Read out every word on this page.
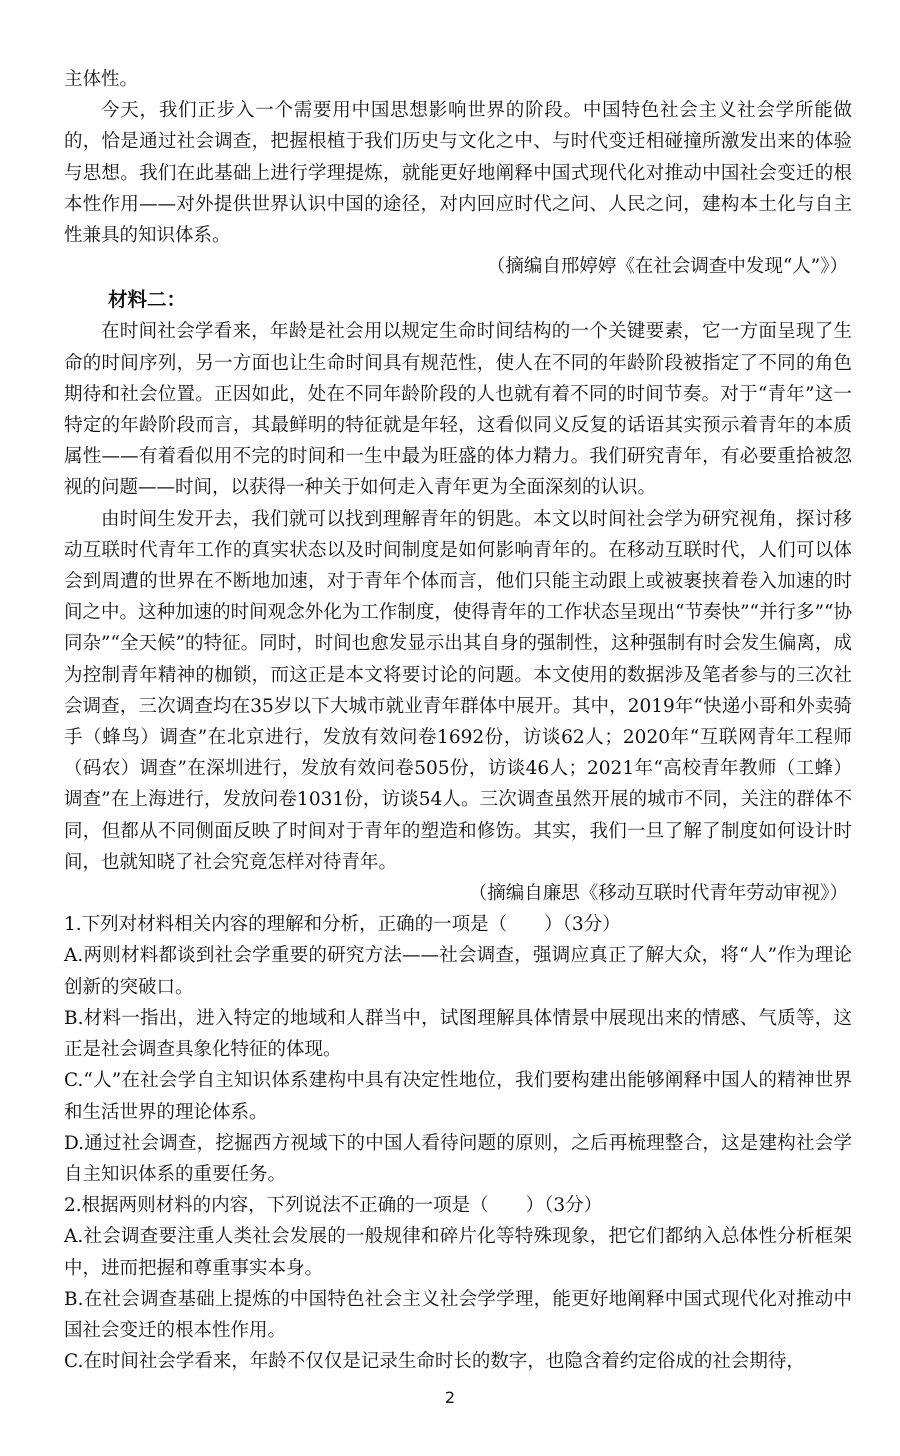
主体性。

今天，我们正步入一个需要用中国思想影响世界的阶段。中国特色社会主义社会学所能做的，恰是通过社会调查，把握根植于我们历史与文化之中、与时代变迁相碰撞所激发出来的体验与思想。我们在此基础上进行学理提炼，就能更好地阐释中国式现代化对推动中国社会变迁的根本性作用——对外提供世界认识中国的途径，对内回应时代之问、人民之问，建构本土化与自主性兼具的知识体系。

（摘编自邢婷婷《在社会调查中发现“人”》）

材料二：

在时间社会学看来，年龄是社会用以规定生命时间结构的一个关键要素，它一方面呈现了生命的时间序列，另一方面也让生命时间具有规范性，使人在不同的年龄阶段被指定了不同的角色期待和社会位置。正因如此，处在不同年龄阶段的人也就有着不同的时间节奏。对于“青年”这一特定的年龄阶段而言，其最鲜明的特征就是年轻，这看似同义反复的话语其实预示着青年的本质属性——有着看似用不完的时间和一生中最为旺盛的体力精力。我们研究青年，有必要重拾被忽视的问题——时间，以获得一种关于如何走入青年更为全面深刻的认识。

由时间生发开去，我们就可以找到理解青年的钥匙。本文以时间社会学为研究视角，探讨移动互联时代青年工作的真实状态以及时间制度是如何影响青年的。在移动互联时代，人们可以体会到周遭的世界在不断地加速，对于青年个体而言，他们只能主动跟上或被裹挟着卷入加速的时间之中。这种加速的时间观念外化为工作制度，使得青年的工作状态呈现出“节奏快”“并行多”“协同杂”“全天候”的特征。同时，时间也愈发显示出其自身的强制性，这种强制有时会发生偏离，成为控制青年精神的枷锁，而这正是本文将要讨论的问题。本文使用的数据涉及笔者参与的三次社会调查，三次调查均在35岁以下大城市就业青年群体中展开。其中，2019年“快递小哥和外卖骑手（蜂鸟）调查”在北京进行，发放有效问卷1692份，访谈62人；2020年“互联网青年工程师（码农）调查”在深圳进行，发放有效问卷505份，访谈46人；2021年“高校青年教师（工蜂）调查”在上海进行，发放问卷1031份，访谈54人。三次调查虽然开展的城市不同，关注的群体不同，但都从不同侧面反映了时间对于青年的塑造和修饬。其实，我们一旦了解了制度如何设计时间，也就知晓了社会究竟怎样对待青年。

（摘编自廉思《移动互联时代青年劳动审视》）

1.下列对材料相关内容的理解和分析，正确的一项是（　　）（3分）

A.两则材料都谈到社会学重要的研究方法——社会调查，强调应真正了解大众，将“人”作为理论创新的突破口。

B.材料一指出，进入特定的地域和人群当中，试图理解具体情景中展现出来的情感、气质等，这正是社会调查具象化特征的体现。

C.“人”在社会学自主知识体系建构中具有决定性地位，我们要构建出能够阐释中国人的精神世界和生活世界的理论体系。

D.通过社会调查，挖掘西方视域下的中国人看待问题的原则，之后再梳理整合，这是建构社会学自主知识体系的重要任务。

2.根据两则材料的内容，下列说法不正确的一项是（　　）（3分）

A.社会调查要注重人类社会发展的一般规律和碎片化等特殊现象，把它们都纳入总体性分析框架中，进而把握和尊重事实本身。

B.在社会调查基础上提炼的中国特色社会主义社会学学理，能更好地阐释中国式现代化对推动中国社会变迁的根本性作用。

C.在时间社会学看来，年龄不仅仅是记录生命时长的数字，也隐含着约定俗成的社会期待，

2
